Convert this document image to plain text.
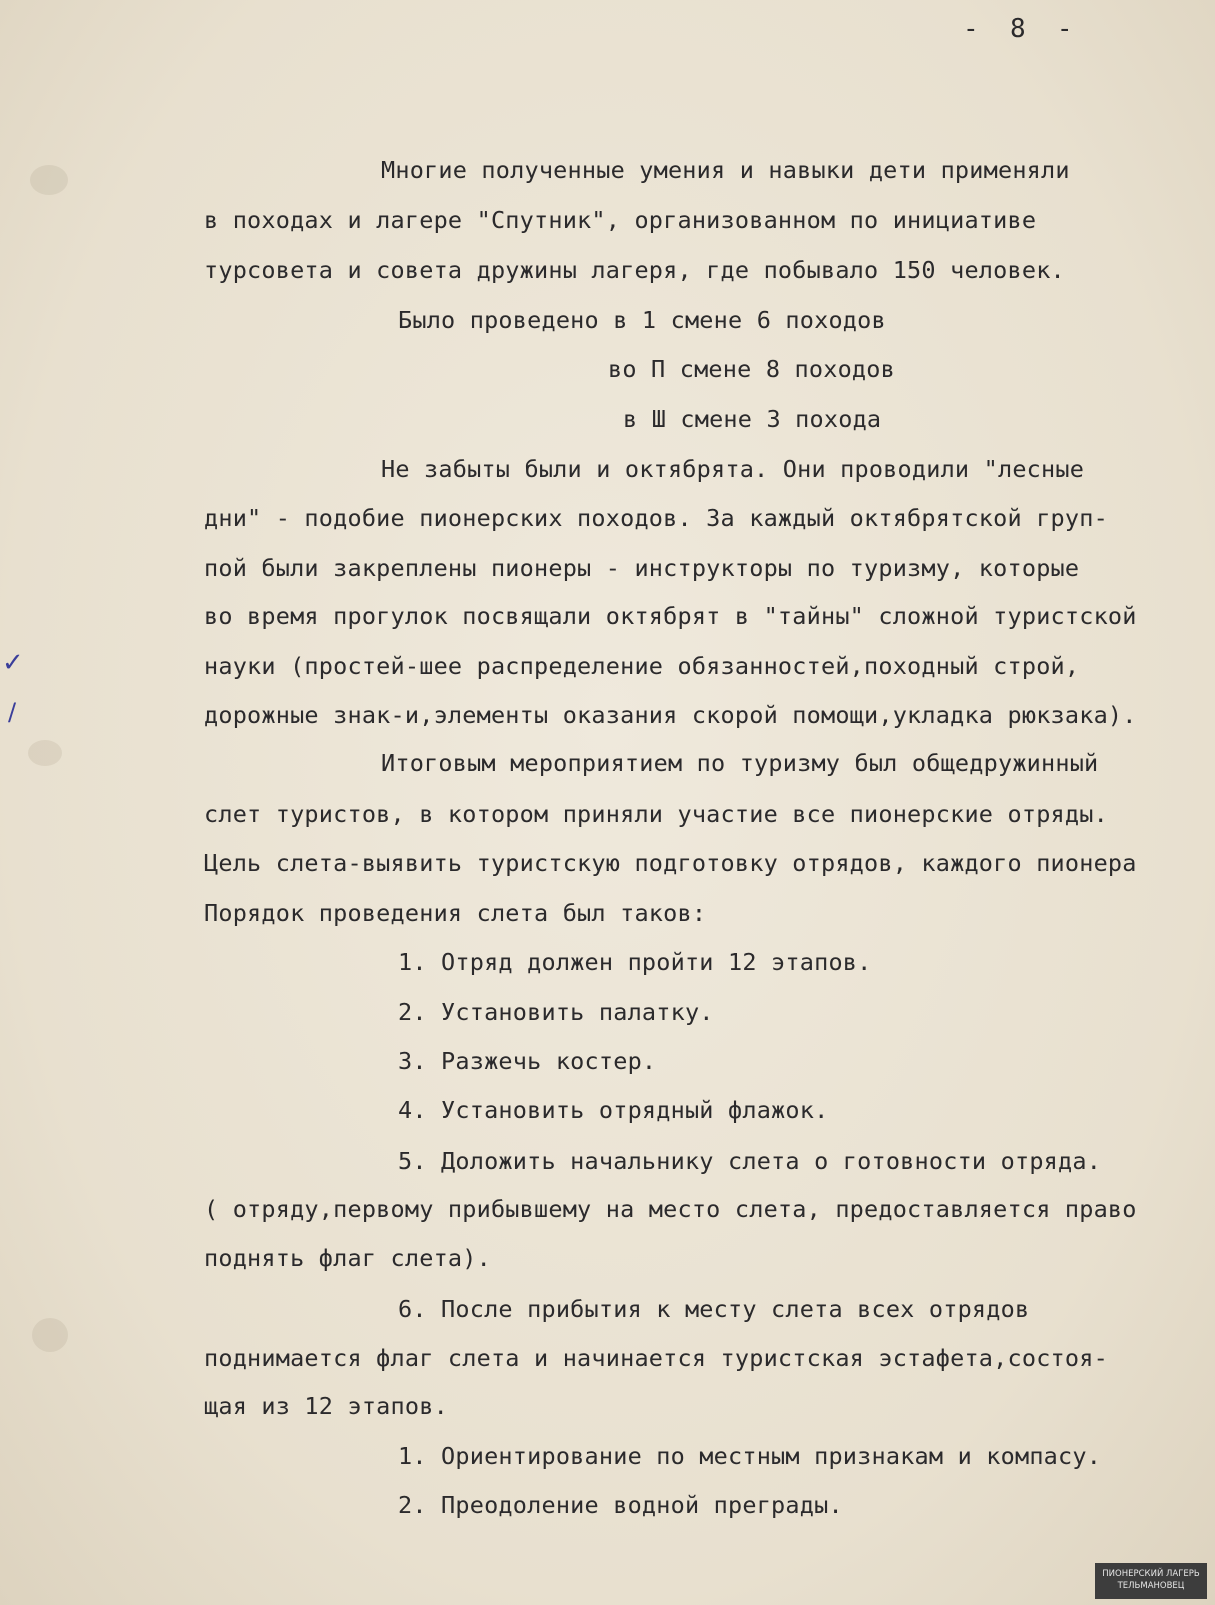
-  8  -
Многие полученные умения и навыки дети применяли
в походах и лагере "Спутник", организованном по инициативе
турсовета и совета дружины лагеря, где побывало 150 человек.
Было проведено в 1 смене 6 походов
во П смене 8 походов
в Ш смене 3 похода
Не забыты были и октябрята. Они проводили "лесные
дни" - подобие пионерских походов. За каждый октябрятской груп-
пой были закреплены пионеры - инструкторы по туризму, которые
во время прогулок посвящали октябрят в "тайны" сложной туристской
науки (простей-шее распределение обязанностей,походный строй,
дорожные знак-и,элементы оказания скорой помощи,укладка рюкзака).
Итоговым мероприятием по туризму был общедружинный
слет туристов, в котором приняли участие все пионерские отряды.
Цель слета-выявить туристскую подготовку отрядов, каждого пионера
Порядок проведения слета был таков:
1. Отряд должен пройти 12 этапов.
2. Установить палатку.
3. Разжечь костер.
4. Установить отрядный флажок.
5. Доложить начальнику слета о готовности отряда.
( отряду,первому прибывшему на место слета, предоставляется право
поднять флаг слета).
6. После прибытия к месту слета всех отрядов
поднимается флаг слета и начинается туристская эстафета,состоя-
щая из 12 этапов.
1. Ориентирование по местным признакам и компасу.
2. Преодоление водной преграды.
✓
/
ПИОНЕРСКИЙ ЛАГЕРЬ
ТЕЛЬМАНОВЕЦ
